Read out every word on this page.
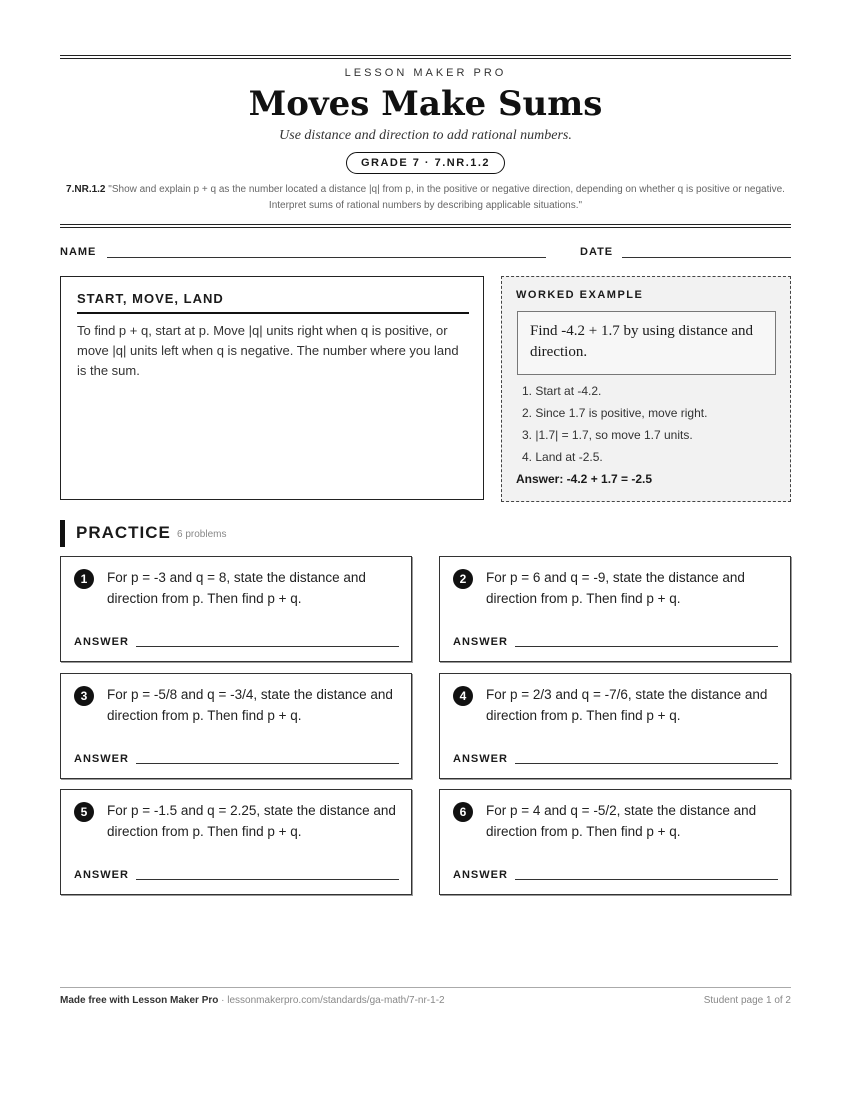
LESSON MAKER PRO
Moves Make Sums
Use distance and direction to add rational numbers.
GRADE 7 · 7.NR.1.2
7.NR.1.2 "Show and explain p + q as the number located a distance |q| from p, in the positive or negative direction, depending on whether q is positive or negative. Interpret sums of rational numbers by describing applicable situations."
NAME	DATE
START, MOVE, LAND
To find p + q, start at p. Move |q| units right when q is positive, or move |q| units left when q is negative. The number where you land is the sum.
WORKED EXAMPLE
Find -4.2 + 1.7 by using distance and direction.
1. Start at -4.2.
2. Since 1.7 is positive, move right.
3. |1.7| = 1.7, so move 1.7 units.
4. Land at -2.5.
Answer: -4.2 + 1.7 = -2.5
PRACTICE 6 problems
1	For p = -3 and q = 8, state the distance and direction from p. Then find p + q.
ANSWER
2	For p = 6 and q = -9, state the distance and direction from p. Then find p + q.
ANSWER
3	For p = -5/8 and q = -3/4, state the distance and direction from p. Then find p + q.
ANSWER
4	For p = 2/3 and q = -7/6, state the distance and direction from p. Then find p + q.
ANSWER
5	For p = -1.5 and q = 2.25, state the distance and direction from p. Then find p + q.
ANSWER
6	For p = 4 and q = -5/2, state the distance and direction from p. Then find p + q.
ANSWER
Made free with Lesson Maker Pro · lessonmakerpro.com/standards/ga-math/7-nr-1-2	Student page 1 of 2
